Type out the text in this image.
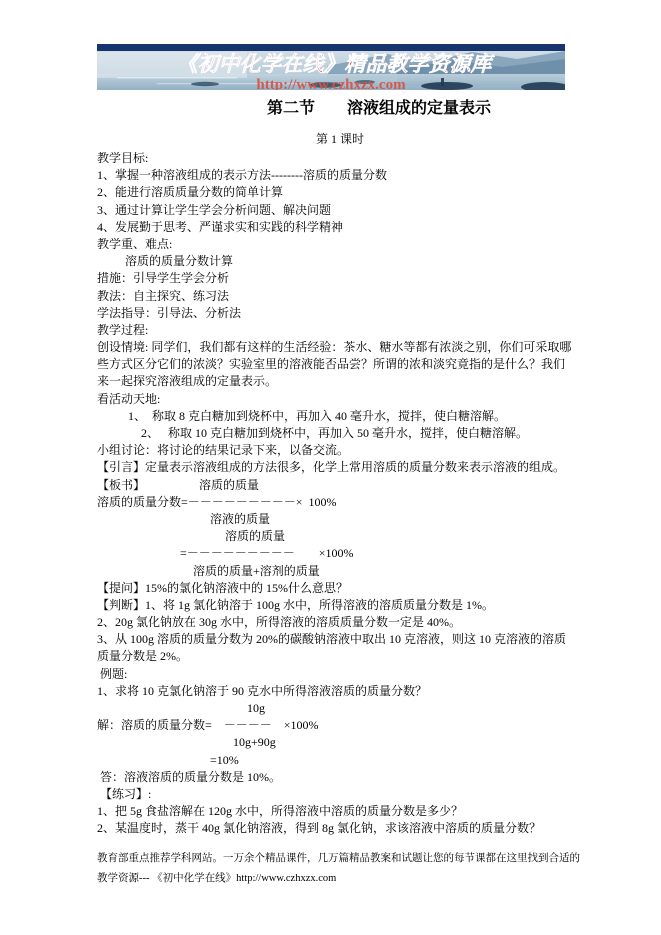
《初中化学在线》精品教学资源库
http://www.czhxzx.com
第二节　　溶液组成的定量表示
第 1 课时
教学目标:
1、掌握一种溶液组成的表示方法--------溶质的质量分数
2、能进行溶质质量分数的简单计算
3、通过计算让学生学会分析问题、解决问题
4、发展勤于思考、严谨求实和实践的科学精神
教学重、难点:
溶质的质量分数计算
措施：引导学生学会分析
教法：自主探究、练习法
学法指导：引导法、分析法
教学过程:
创设情境: 同学们，我们都有这样的生活经验：茶水、糖水等都有浓淡之别，你们可采取哪
些方式区分它们的浓淡？实验室里的溶液能否品尝？所谓的浓和淡究竟指的是什么？我们
来一起探究溶液组成的定量表示。
看活动天地:
1、　称取 8 克白糖加到烧杯中，再加入 40 毫升水，搅拌，使白糖溶解。
2、　 称取 10 克白糖加到烧杯中，再加入 50 毫升水，搅拌，使白糖溶解。
小组讨论：将讨论的结果记录下来，以备交流。
【引言】定量表示溶液组成的方法很多，化学上常用溶质的质量分数来表示溶液的组成。
【板书】　　　　　溶质的质量
溶质的质量分数=－－－－－－－－－×  100%
溶液的质量
溶质的质量
=－－－－－－－－－　　×100%
溶质的质量+溶剂的质量
【提问】15%的氯化钠溶液中的 15%什么意思？
【判断】1、将 1g 氯化钠溶于 100g 水中，所得溶液的溶质质量分数是 1%。
2、20g 氯化钠放在 30g 水中，所得溶液的溶质质量分数一定是 40%。
3、从 100g 溶质的质量分数为 20%的碳酸钠溶液中取出 10 克溶液，则这 10 克溶液的溶质
质量分数是 2%。
例题:
1、求将 10 克氯化钠溶于 90 克水中所得溶液溶质的质量分数？
10g
解：溶质的质量分数=　－－－－　×100%
10g+90g
=10%
答：溶液溶质的质量分数是 10%。
【练习】:
1、把 5g 食盐溶解在 120g 水中，所得溶液中溶质的质量分数是多少？
2、某温度时，蒸干 40g 氯化钠溶液，得到 8g 氯化钠，求该溶液中溶质的质量分数？
教育部重点推荐学科网站。一万余个精品课件，几万篇精品教案和试题让您的每节课都在这里找到合适的
教学资源--- 《初中化学在线》http://www.czhxzx.com
